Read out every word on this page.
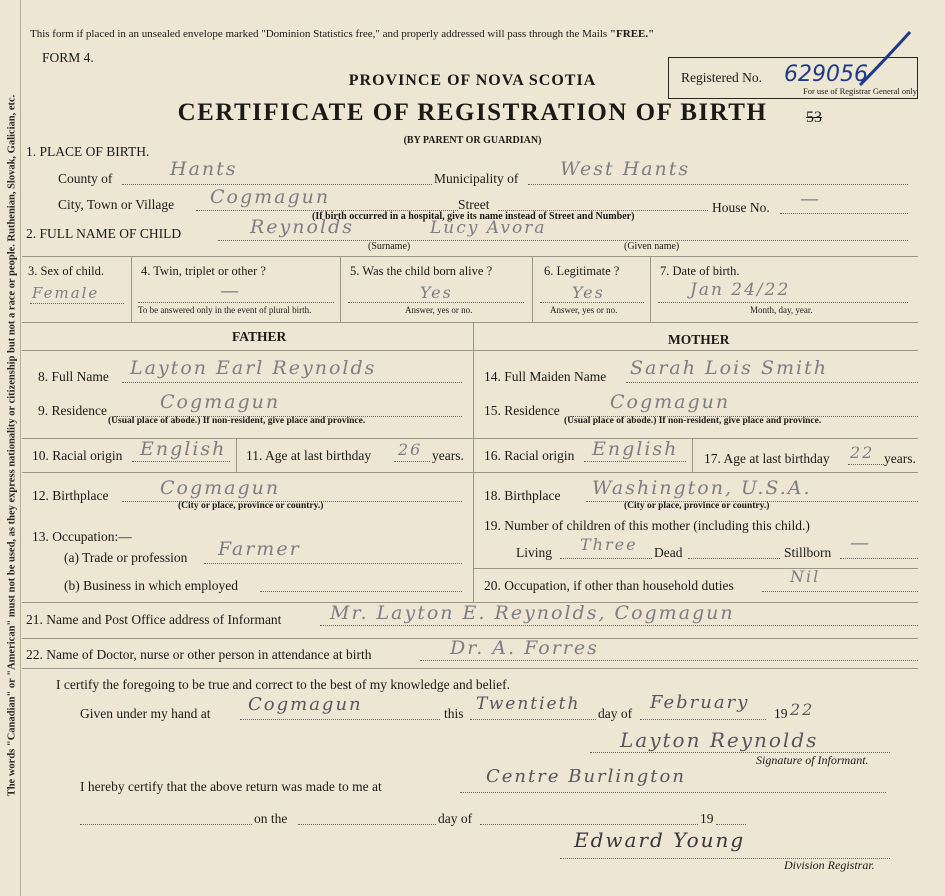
The words "Canadian" or "American" must not be used, as they express nationality or citizenship but not a race or people. Ruthenian, Slovak, Galician, etc.
This form if placed in an unsealed envelope marked "Dominion Statistics free," and properly addressed will pass through the Mails "FREE."
FORM 4.
PROVINCE OF NOVA SCOTIA
CERTIFICATE OF REGISTRATION OF BIRTH
(BY PARENT OR GUARDIAN)
53
Registered No. 629056
For use of Registrar General only.
1. PLACE OF BIRTH.
County of	Hants	Municipality of West Hants
City, Town or Village Cogmagun	Street	House No. —
(If birth occurred in a hospital, give its name instead of Street and Number)
2. FULL NAME OF CHILD	Reynolds	Lucy Avora
(Surname)	(Given name)
3. Sex of child.
Female
4. Twin, triplet or other ?
—
To be answered only in the event of plural birth.
5. Was the child born alive ?
Yes
Answer, yes or no.
6. Legitimate ?
Yes
Answer, yes or no.
7. Date of birth.
Jan 24/22
Month, day, year.
FATHER	MOTHER
8. Full Name Layton Earl Reynolds
9. Residence	Cogmagun
(Usual place of abode.) If non-resident, give place and province.
10. Racial origin English 11. Age at last birthday 26 years.
12. Birthplace	Cogmagun
(City or place, province or country.)
13. Occupation:—
(a) Trade or profession Farmer
(b) Business in which employed
14. Full Maiden Name Sarah Lois Smith
15. Residence	Cogmagun
(Usual place of abode.) If non-resident, give place and province.
16. Racial origin English 17. Age at last birthday 22 years.
18. Birthplace Washington, U.S.A.
(City or place, province or country.)
19. Number of children of this mother (including this child.)
Living Three Dead	Stillborn —
20. Occupation, if other than household duties	Nil
21. Name and Post Office address of Informant	Mr. Layton E. Reynolds, Cogmagun
22. Name of Doctor, nurse or other person in attendance at birth	Dr. A. Forres
I certify the foregoing to be true and correct to the best of my knowledge and belief.
Given under my hand at Cogmagun	this Twentieth day of
February
19 22
Layton Reynolds
Signature of Informant.
I hereby certify that the above return was made to me at	Centre Burlington
on the	day of	19
Edward Young
Division Registrar.
